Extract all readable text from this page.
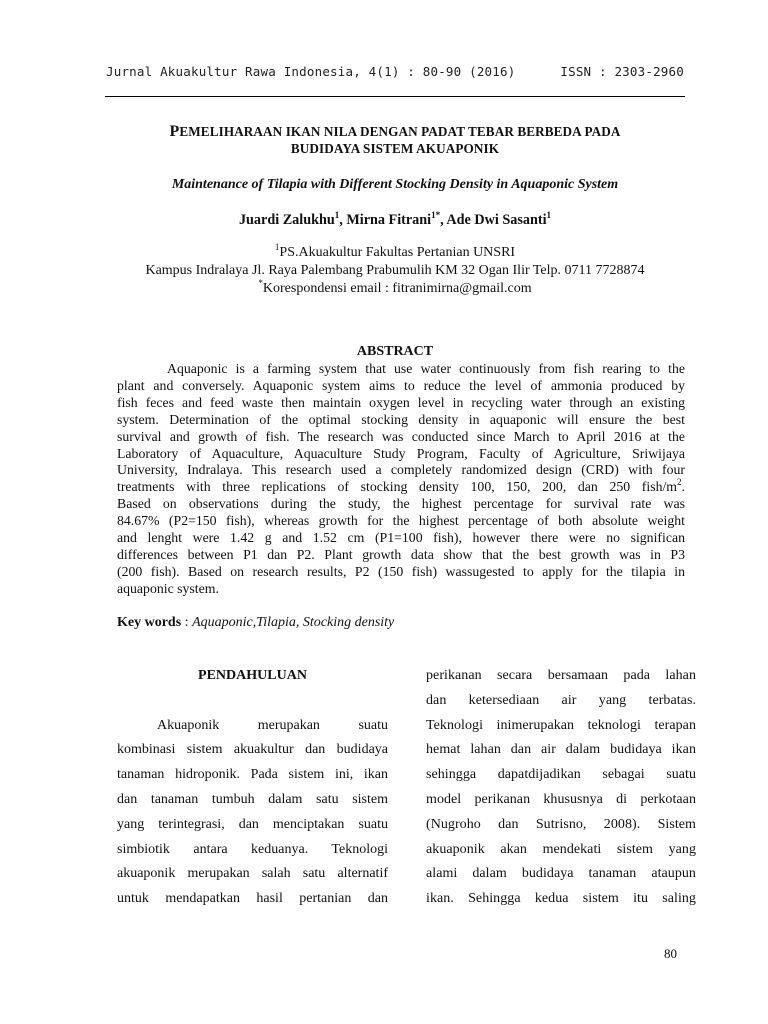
Jurnal Akuakultur Rawa Indonesia, 4(1) : 80-90 (2016)	ISSN : 2303-2960
PEMELIHARAAN IKAN NILA DENGAN PADAT TEBAR BERBEDA PADA
BUDIDAYA SISTEM AKUAPONIK
Maintenance of Tilapia with Different Stocking Density in Aquaponic System
Juardi Zalukhu$^1$, Mirna Fitrani$^{1*}$, Ade Dwi Sasanti$^1$
$^1$PS.Akuakultur Fakultas Pertanian UNSRI
Kampus Indralaya Jl. Raya Palembang Prabumulih KM 32 Ogan Ilir Telp. 0711 7728874
*Korespondensi email : fitranimirna@gmail.com
ABSTRACT
Aquaponic is a farming system that use water continuously from fish rearing to the
plant and conversely. Aquaponic system aims to reduce the level of ammonia produced by
fish feces and feed waste then maintain oxygen level in recycling water through an existing
system. Determination of the optimal stocking density in aquaponic will ensure the best
survival and growth of fish. The research was conducted since March to April 2016 at the
Laboratory of Aquaculture, Aquaculture Study Program, Faculty of Agriculture, Sriwijaya
University, Indralaya. This research used a completely randomized design (CRD) with four
treatments with three replications of stocking density 100, 150, 200, dan 250 fish/$m^2$.
Based on observations during the study, the highest percentage for survival rate was
84.67% (P2=150 fish), whereas growth for the highest percentage of both absolute weight
and lenght were 1.42 g and 1.52 cm (P1=100 fish), however there were no significan
differences between P1 dan P2. Plant growth data show that the best growth was in P3
(200 fish). Based on research results, P2 (150 fish) wassugested to apply for the tilapia in
aquaponic system.
Key words : Aquaponic,Tilapia, Stocking density
PENDAHULUAN
Akuaponik merupakan suatu
kombinasi sistem akuakultur dan budidaya
tanaman hidroponik. Pada sistem ini, ikan
dan tanaman tumbuh dalam satu sistem
yang terintegrasi, dan menciptakan suatu
simbiotik antara keduanya. Teknologi
akuaponik merupakan salah satu alternatif
untuk mendapatkan hasil pertanian dan
perikanan secara bersamaan pada lahan
dan ketersediaan air yang terbatas.
Teknologi inimerupakan teknologi terapan
hemat lahan dan air dalam budidaya ikan
sehingga dapatdijadikan sebagai suatu
model perikanan khususnya di perkotaan
(Nugroho dan Sutrisno, 2008). Sistem
akuaponik akan mendekati sistem yang
alami dalam budidaya tanaman ataupun
ikan. Sehingga kedua sistem itu saling
80
